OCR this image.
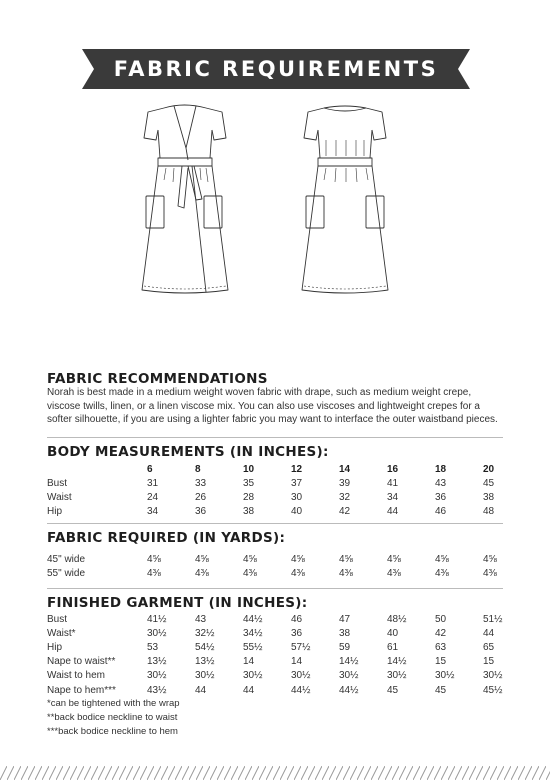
FABRIC REQUIREMENTS
FABRIC RECOMMENDATIONS
Norah is best made in a medium weight woven fabric with drape, such as medium weight crepe, viscose twills, linen, or a linen viscose mix. You can also use viscoses and lightweight crepes for a softer silhouette, if you are using a lighter fabric you may want to interface the outer waistband pieces.
BODY MEASUREMENTS (IN INCHES):
	6	8	10	12	14	16	18	20
Bust	31	33	35	37	39	41	43	45
Waist	24	26	28	30	32	34	36	38
Hip	34	36	38	40	42	44	46	48
FABRIC REQUIRED (IN YARDS):
45" wide	4⅝	4⅝	4⅝	4⅝	4⅝	4⅝	4⅝	4⅝
55" wide	4⅜	4⅜	4⅜	4⅜	4⅜	4⅜	4⅜	4⅜
FINISHED GARMENT (IN INCHES):
Bust	41½	43	44½	46	47	48½	50	51½
Waist*	30½	32½	34½	36	38	40	42	44
Hip	53	54½	55½	57½	59	61	63	65
Nape to waist**	13½	13½	14	14	14½	14½	15	15
Waist to hem	30½	30½	30½	30½	30½	30½	30½	30½
Nape to hem***	43½	44	44	44½	44½	45	45	45½
*can be tightened with the wrap
**back bodice neckline to waist
***back bodice neckline to hem
